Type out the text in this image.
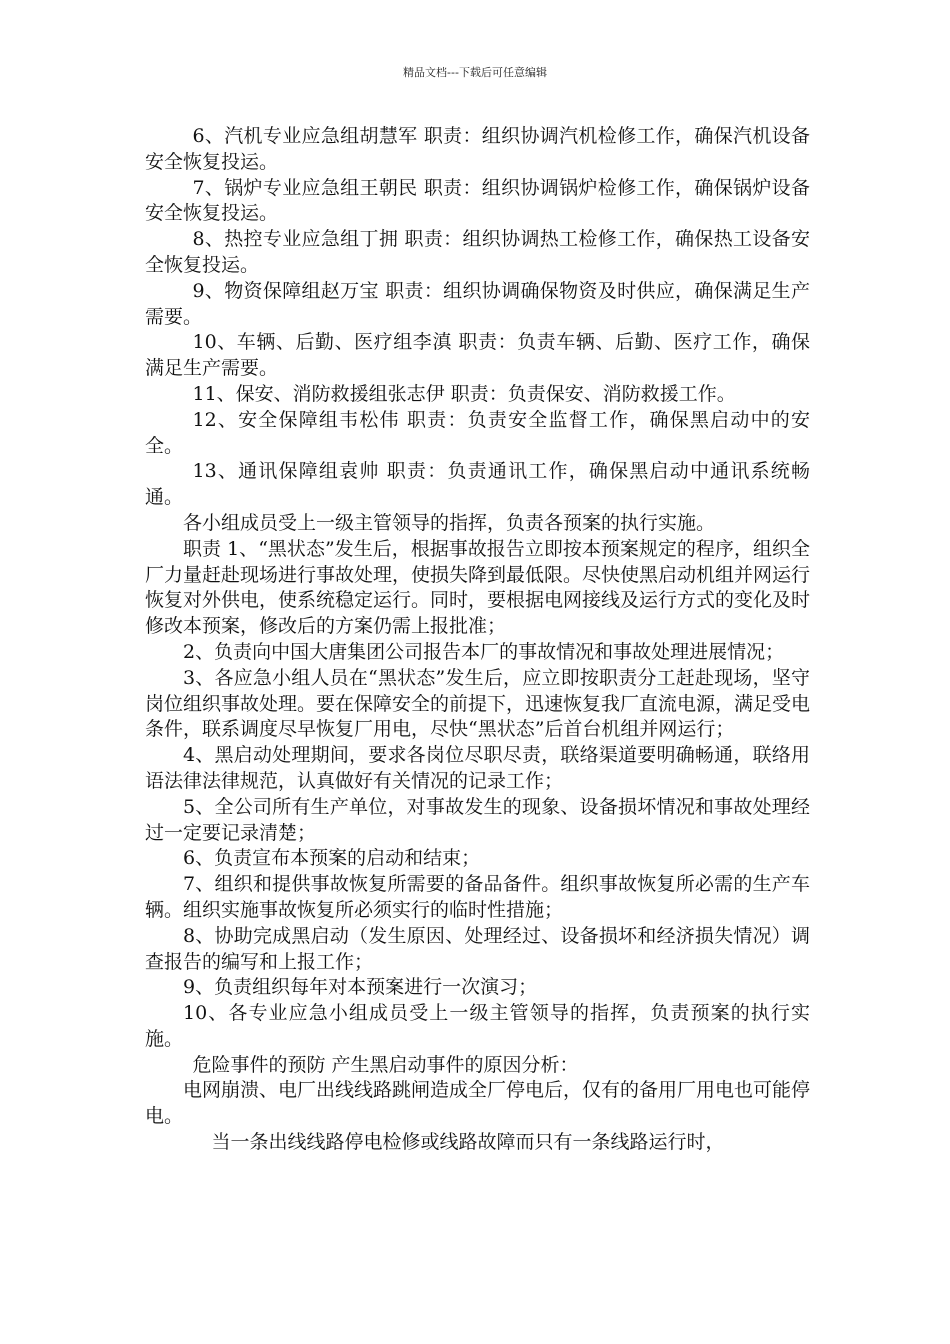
精品文档---下载后可任意编辑

6、汽机专业应急组胡慧军 职责：组织协调汽机检修工作，确保汽机设备安全恢复投运。

7、锅炉专业应急组王朝民 职责：组织协调锅炉检修工作，确保锅炉设备安全恢复投运。

8、热控专业应急组丁拥 职责：组织协调热工检修工作，确保热工设备安全恢复投运。

9、物资保障组赵万宝 职责：组织协调确保物资及时供应，确保满足生产需要。

10、车辆、后勤、医疗组李滇 职责：负责车辆、后勤、医疗工作，确保满足生产需要。

11、保安、消防救援组张志伊 职责：负责保安、消防救援工作。

12、安全保障组韦松伟 职责：负责安全监督工作，确保黑启动中的安全。

13、通讯保障组袁帅 职责：负责通讯工作，确保黑启动中通讯系统畅通。

各小组成员受上一级主管领导的指挥，负责各预案的执行实施。

职责 1、“黑状态”发生后，根据事故报告立即按本预案规定的程序，组织全厂力量赶赴现场进行事故处理，使损失降到最低限。尽快使黑启动机组并网运行恢复对外供电，使系统稳定运行。同时，要根据电网接线及运行方式的变化及时修改本预案，修改后的方案仍需上报批准；

2、负责向中国大唐集团公司报告本厂的事故情况和事故处理进展情况；

3、各应急小组人员在“黑状态”发生后，应立即按职责分工赶赴现场，坚守岗位组织事故处理。要在保障安全的前提下，迅速恢复我厂直流电源，满足受电条件，联系调度尽早恢复厂用电，尽快“黑状态”后首台机组并网运行；

4、黑启动处理期间，要求各岗位尽职尽责，联络渠道要明确畅通，联络用语法律法律规范，认真做好有关情况的记录工作；

5、全公司所有生产单位，对事故发生的现象、设备损坏情况和事故处理经过一定要记录清楚；

6、负责宣布本预案的启动和结束；

7、组织和提供事故恢复所需要的备品备件。组织事故恢复所必需的生产车辆。组织实施事故恢复所必须实行的临时性措施；

8、协助完成黑启动（发生原因、处理经过、设备损坏和经济损失情况）调查报告的编写和上报工作；

9、负责组织每年对本预案进行一次演习；

10、各专业应急小组成员受上一级主管领导的指挥，负责预案的执行实施。

危险事件的预防 产生黑启动事件的原因分析：

电网崩溃、电厂出线线路跳闸造成全厂停电后，仅有的备用厂用电也可能停电。

当一条出线线路停电检修或线路故障而只有一条线路运行时，
